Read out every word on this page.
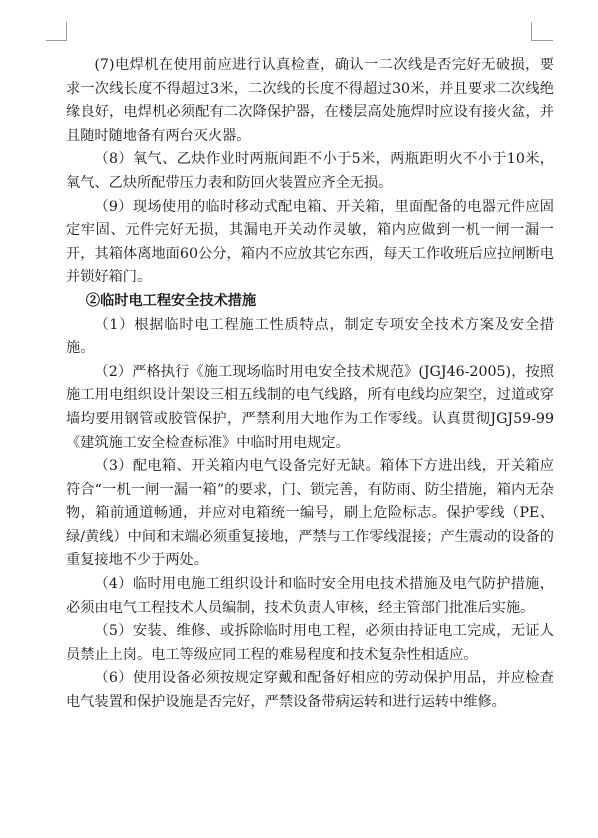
(7)电焊机在使用前应进行认真检查，确认一二次线是否完好无破损，要求一次线长度不得超过3米，二次线的长度不得超过30米，并且要求二次线绝缘良好，电焊机必须配有二次降保护器，在楼层高处施焊时应设有接火盆，并且随时随地备有两台灭火器。

（8）氧气、乙炔作业时两瓶间距不小于5米，两瓶距明火不小于10米，氧气、乙炔所配带压力表和防回火装置应齐全无损。

（9）现场使用的临时移动式配电箱、开关箱，里面配备的电器元件应固定牢固、元件完好无损，其漏电开关动作灵敏，箱内应做到一机一闸一漏一开，其箱体离地面60公分，箱内不应放其它东西，每天工作收班后应拉闸断电并锁好箱门。

②临时电工程安全技术措施

（1）根据临时电工程施工性质特点，制定专项安全技术方案及安全措施。

（2）严格执行《施工现场临时用电安全技术规范》(JGJ46-2005)，按照施工用电组织设计架设三相五线制的电气线路，所有电线均应架空，过道或穿墙均要用钢管或胶管保护，严禁利用大地作为工作零线。认真贯彻JGJ59-99《建筑施工安全检查标准》中临时用电规定。

（3）配电箱、开关箱内电气设备完好无缺。箱体下方进出线，开关箱应符合“一机一闸一漏一箱”的要求，门、锁完善，有防雨、防尘措施，箱内无杂物，箱前通道畅通，并应对电箱统一编号，刷上危险标志。保护零线（PE、绿/黄线）中间和末端必须重复接地，严禁与工作零线混接；产生震动的设备的重复接地不少于两处。

（4）临时用电施工组织设计和临时安全用电技术措施及电气防护措施，必须由电气工程技术人员编制，技术负责人审核，经主管部门批准后实施。

（5）安装、维修、或拆除临时用电工程，必须由持证电工完成，无证人员禁止上岗。电工等级应同工程的难易程度和技术复杂性相适应。

（6）使用设备必须按规定穿戴和配备好相应的劳动保护用品，并应检查电气装置和保护设施是否完好，严禁设备带病运转和进行运转中维修。
